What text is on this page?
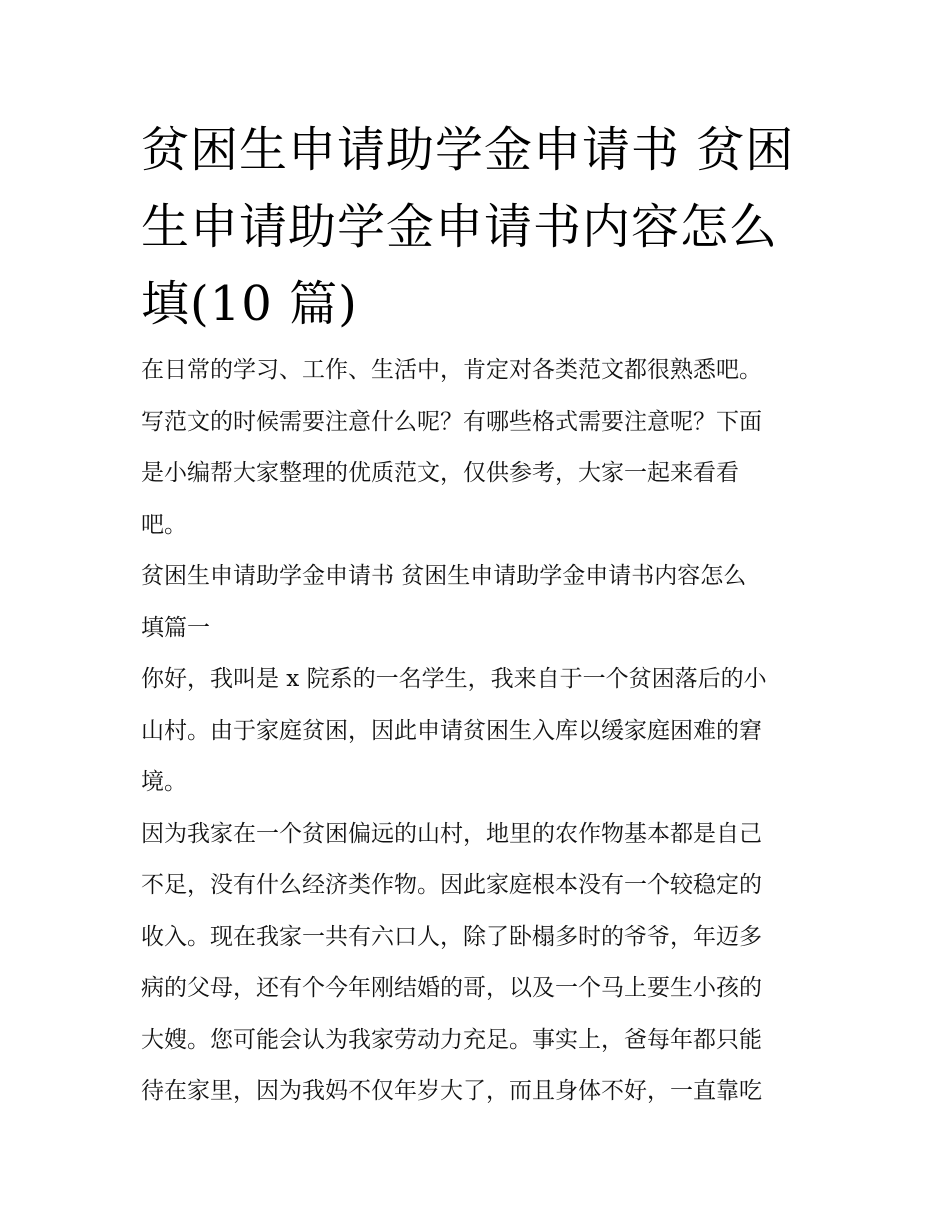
贫困生申请助学金申请书 贫困
生申请助学金申请书内容怎么
填(10 篇)

在日常的学习、工作、生活中，肯定对各类范文都很熟悉吧。
写范文的时候需要注意什么呢？有哪些格式需要注意呢？下面
是小编帮大家整理的优质范文，仅供参考，大家一起来看看
吧。

贫困生申请助学金申请书 贫困生申请助学金申请书内容怎么
填篇一

你好，我叫是 x 院系的一名学生，我来自于一个贫困落后的小
山村。由于家庭贫困，因此申请贫困生入库以缓家庭困难的窘
境。

因为我家在一个贫困偏远的山村，地里的农作物基本都是自己
不足，没有什么经济类作物。因此家庭根本没有一个较稳定的
收入。现在我家一共有六口人，除了卧榻多时的爷爷，年迈多
病的父母，还有个今年刚结婚的哥，以及一个马上要生小孩的
大嫂。您可能会认为我家劳动力充足。事实上，爸每年都只能
待在家里，因为我妈不仅年岁大了，而且身体不好，一直靠吃
